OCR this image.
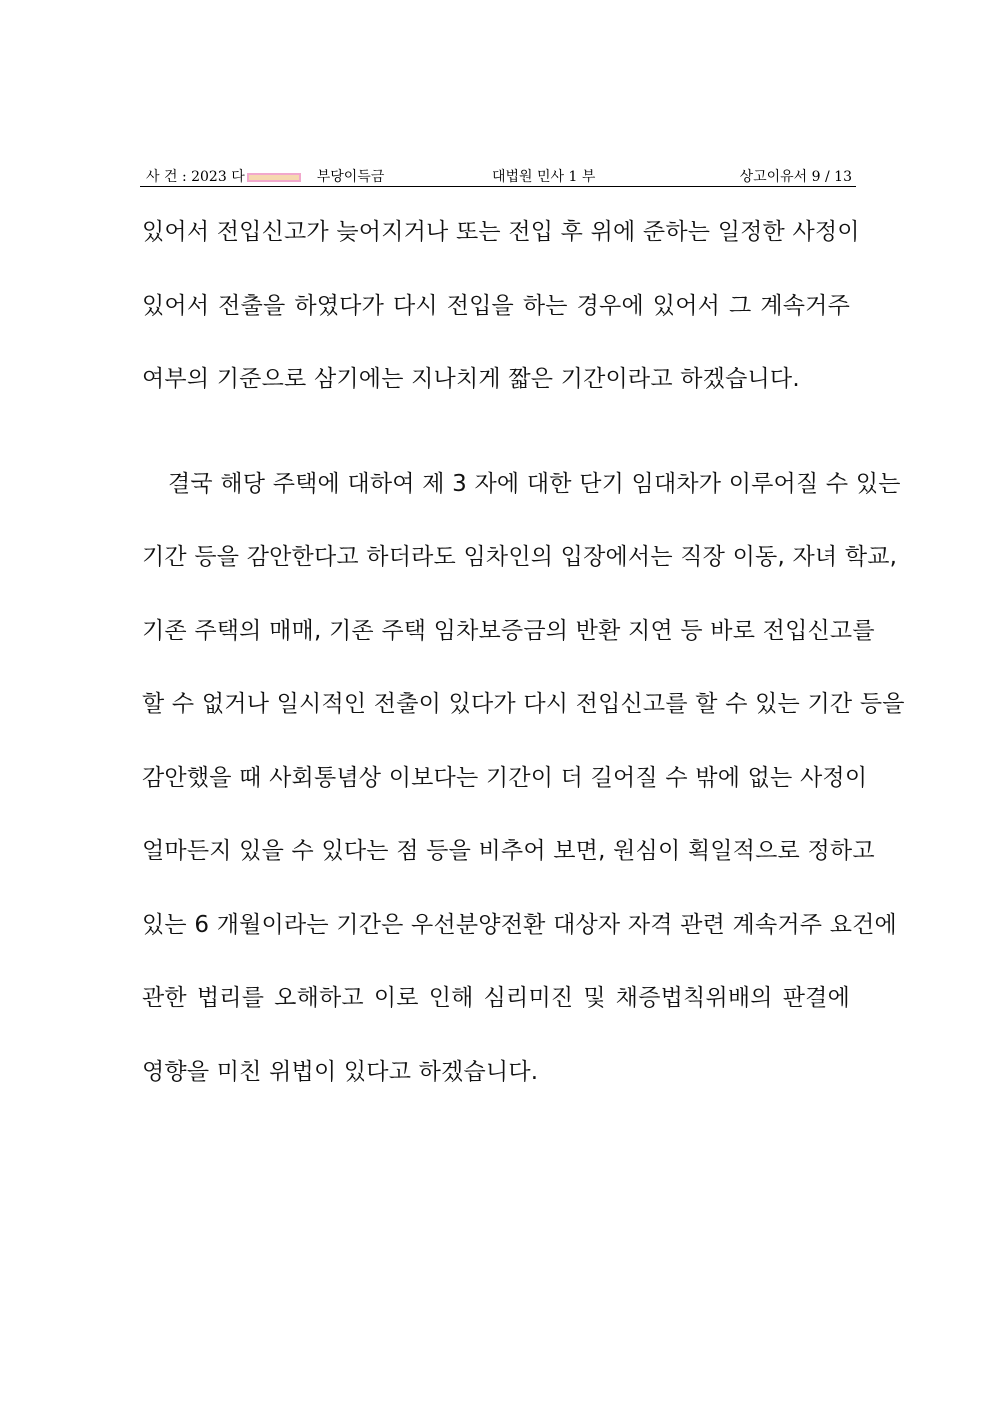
사 건 : 2023 다	부당이득금	대법원 민사 1 부	상고이유서 9 / 13
있어서 전입신고가 늦어지거나 또는 전입 후 위에 준하는 일정한 사정이
있어서 전출을 하였다가 다시 전입을 하는 경우에 있어서 그 계속거주
여부의 기준으로 삼기에는 지나치게 짧은 기간이라고 하겠습니다.
결국 해당 주택에 대하여 제 3 자에 대한 단기 임대차가 이루어질 수 있는
기간 등을 감안한다고 하더라도 임차인의 입장에서는 직장 이동, 자녀 학교,
기존 주택의 매매, 기존 주택 임차보증금의 반환 지연 등 바로 전입신고를
할 수 없거나 일시적인 전출이 있다가 다시 전입신고를 할 수 있는 기간 등을
감안했을 때 사회통념상 이보다는 기간이 더 길어질 수 밖에 없는 사정이
얼마든지 있을 수 있다는 점 등을 비추어 보면, 원심이 획일적으로 정하고
있는 6 개월이라는 기간은 우선분양전환 대상자 자격 관련 계속거주 요건에
관한 법리를 오해하고 이로 인해 심리미진 및 채증법칙위배의 판결에
영향을 미친 위법이 있다고 하겠습니다.
